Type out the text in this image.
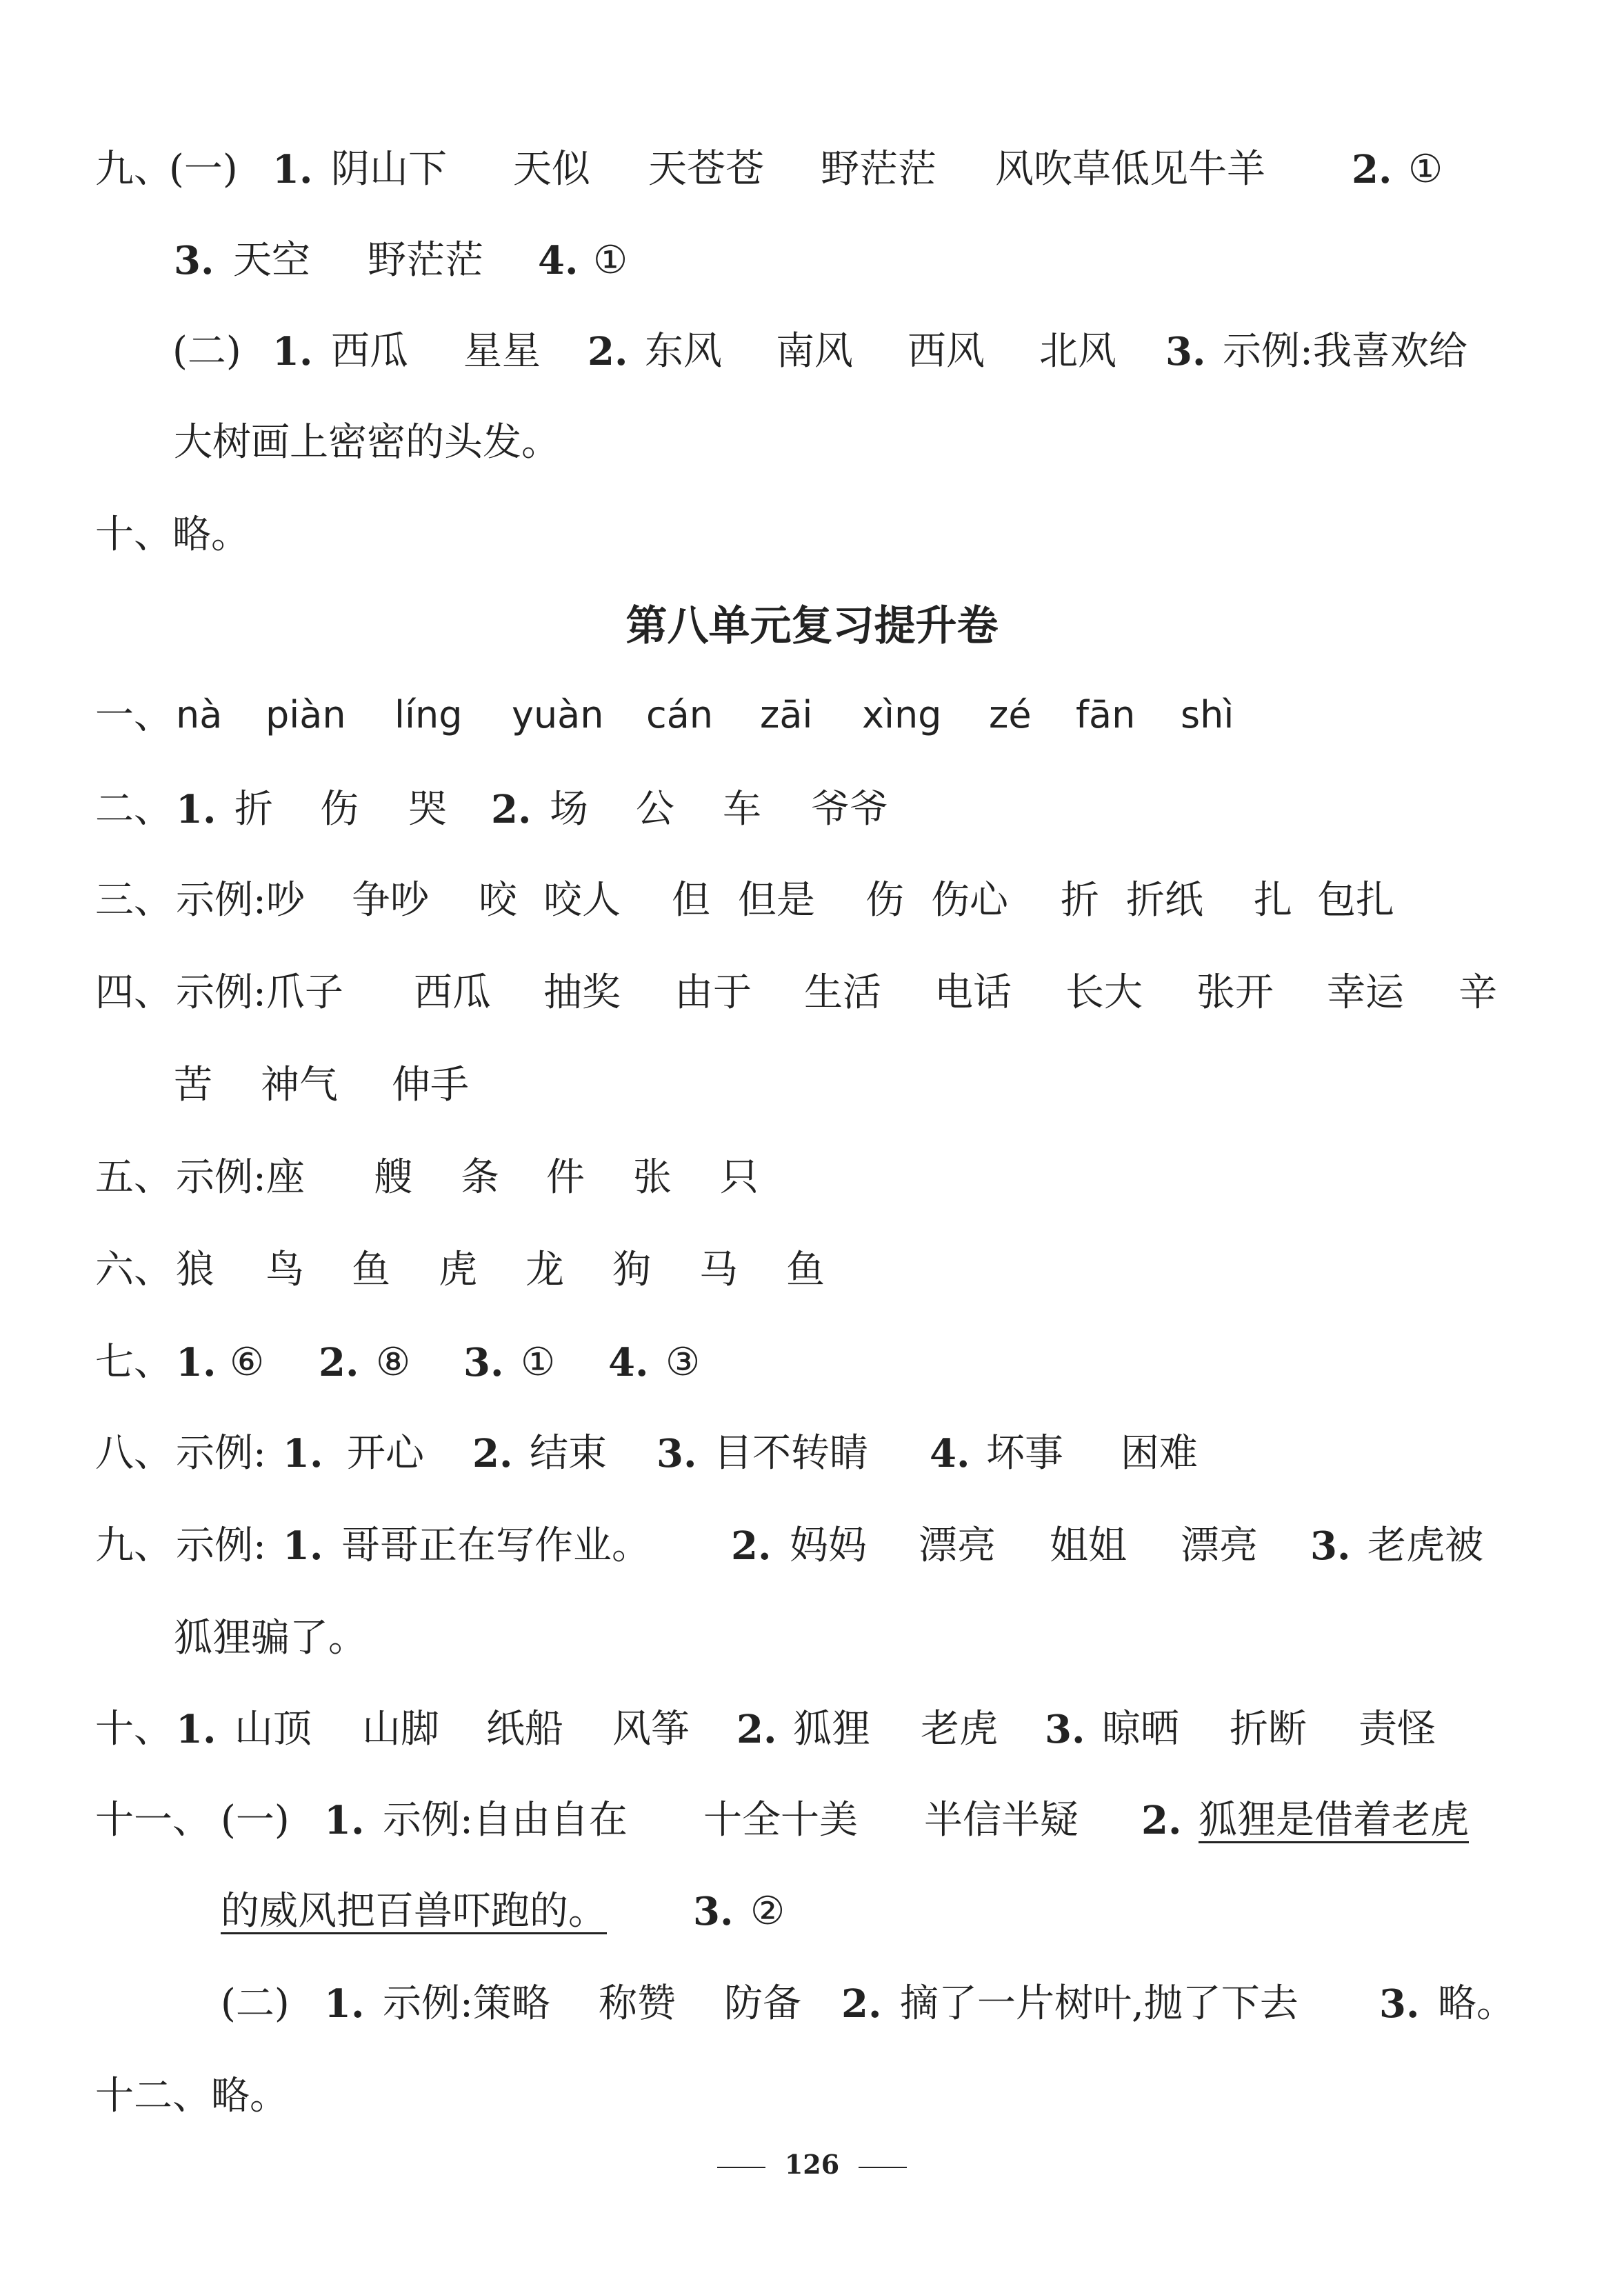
第八单元复习提升卷
九、
(一) 1. 阴山下 天似 天苍苍 野茫茫 风吹草低见牛羊 2. ①
3. 天空 野茫茫 4. ①
(二) 1. 西瓜 星星 2. 东风 南风 西风 北风 3. 示例:我喜欢给
大树画上密密的头发。
十、略。
一、 nà piàn líng yuàn cán zāi xìng zé fān shì
二、 1. 折 伤 哭 2. 场 公 车 爷爷
三、 示例:吵 争吵 咬 咬人 但 但是 伤 伤心 折 折纸 扎 包扎
四、 示例:爪子 西瓜 抽奖 由于 生活 电话 长大 张开 幸运 辛
苦 神气 伸手
五、 示例:座 艘 条 件 张 只
六、 狼 鸟 鱼 虎 龙 狗 马 鱼
七、 1. ⑥ 2. ⑧ 3. ① 4. ③
八、 示例: 1. 开心 2. 结束 3. 目不转睛 4. 坏事 困难
九、 示例: 1. 哥哥正在写作业。 2. 妈妈 漂亮 姐姐 漂亮 3. 老虎被
狐狸骗了。
十、 1. 山顶 山脚 纸船 风筝 2. 狐狸 老虎 3. 晾晒 折断 责怪
十一、 (一) 1. 示例:自由自在 十全十美 半信半疑 2. 狐狸是借着老虎
的威风把百兽吓跑的。 3. ②
(二) 1. 示例:策略 称赞 防备 2. 摘了一片树叶,抛了下去 3. 略。
十二、略。
126
